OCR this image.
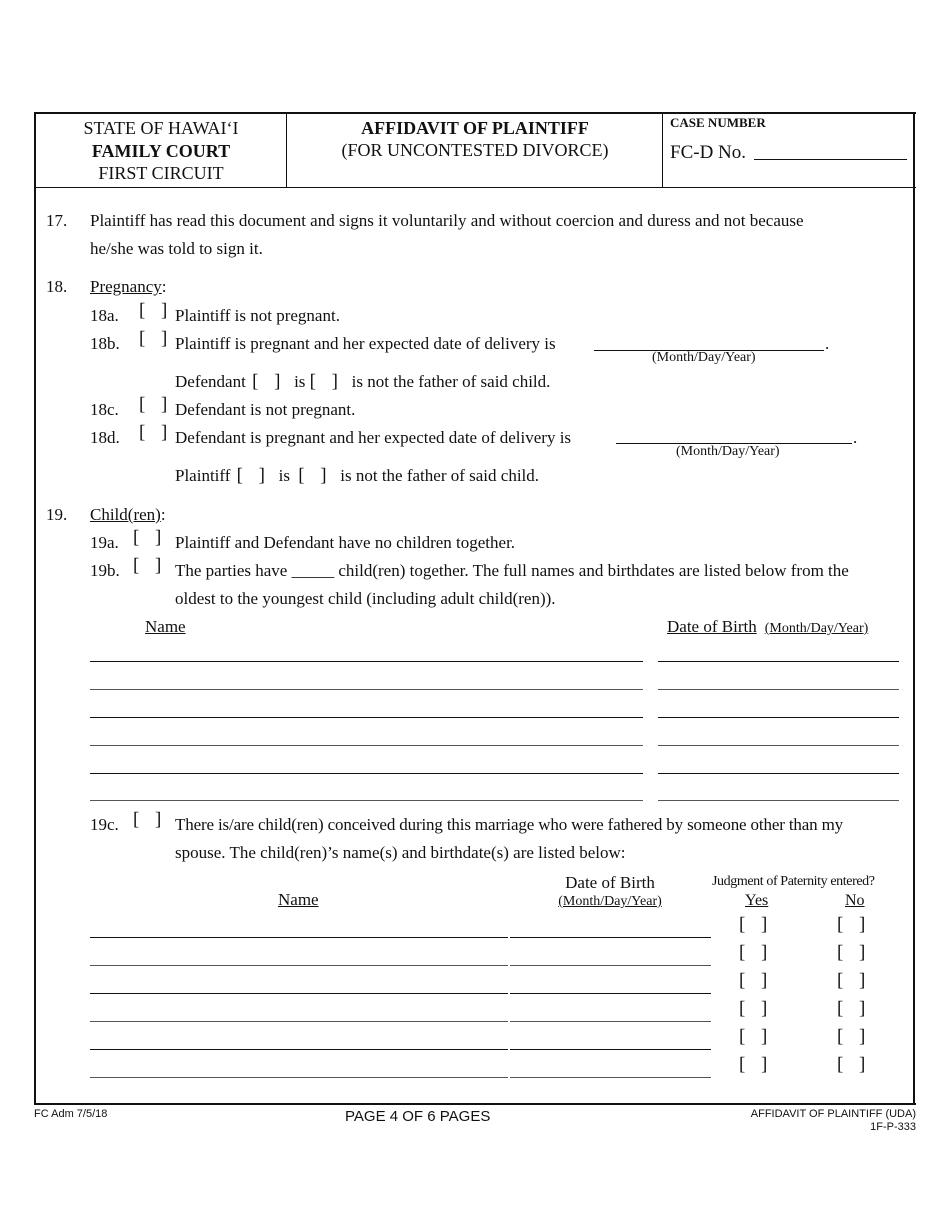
STATE OF HAWAI‘I
FAMILY COURT
FIRST CIRCUIT
AFFIDAVIT OF PLAINTIFF
(FOR UNCONTESTED DIVORCE)
CASE NUMBER
FC-D No.
17. Plaintiff has read this document and signs it voluntarily and without coercion and duress and not because
he/she was told to sign it.
18. Pregnancy:
18a. [ ] Plaintiff is not pregnant.
18b. [ ] Plaintiff is pregnant and her expected date of delivery is	.
(Month/Day/Year)
Defendant [ ] is [ ] is not the father of said child.
18c. [ ] Defendant is not pregnant.
18d. [ ] Defendant is pregnant and her expected date of delivery is	.
(Month/Day/Year)
Plaintiff [ ] is [ ] is not the father of said child.
19. Child(ren):
19a. [ ] Plaintiff and Defendant have no children together.
19b. [ ] The parties have _____ child(ren) together. The full names and birthdates are listed below from the
oldest to the youngest child (including adult child(ren)).
Name	Date of Birth (Month/Day/Year)
19c. [ ] There is/are child(ren) conceived during this marriage who were fathered by someone other than my
spouse. The child(ren)’s name(s) and birthdate(s) are listed below:
Name
Date of Birth
(Month/Day/Year)
Judgment of Paternity entered?
Yes	No
[ ]	[ ]
[ ]	[ ]
[ ]	[ ]
[ ]	[ ]
[ ]	[ ]
[ ]	[ ]
FC Adm 7/5/18	PAGE 4 OF 6 PAGES	AFFIDAVIT OF PLAINTIFF (UDA)
1F-P-333
